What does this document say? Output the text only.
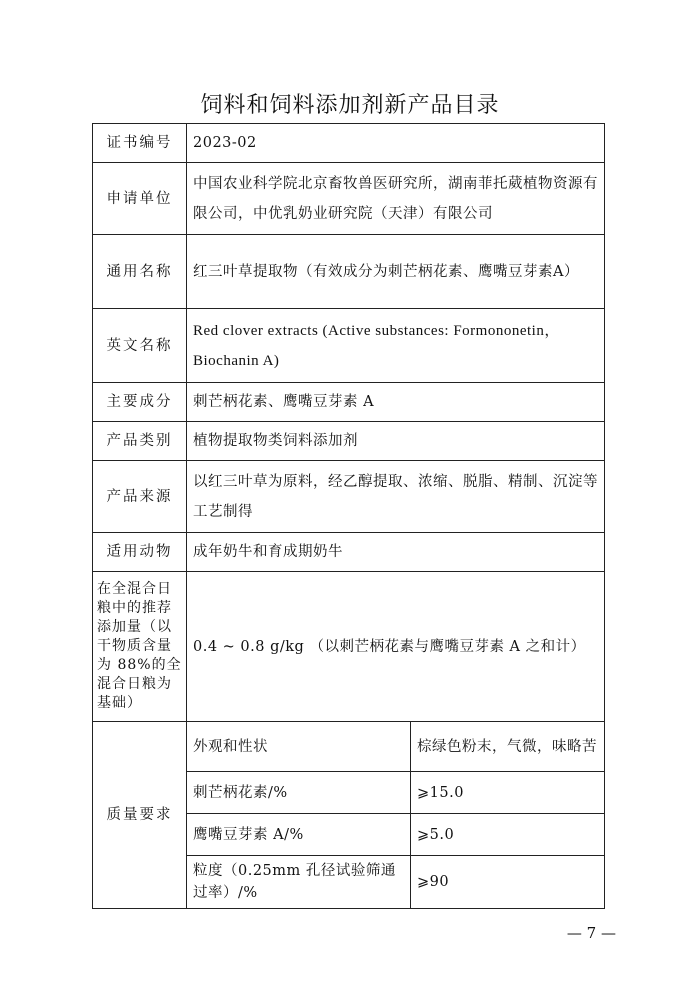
饲料和饲料添加剂新产品目录
证书编号	2023-02	
申请单位	中国农业科学院北京畜牧兽医研究所，湖南菲托葳植物资源有限公司，中优乳奶业研究院（天津）有限公司	
通用名称	红三叶草提取物（有效成分为刺芒柄花素、鹰嘴豆芽素A）	
英文名称	Red clover extracts (Active substances: Formononetin，Biochanin A)	
主要成分	刺芒柄花素、鹰嘴豆芽素 A	
产品类别	植物提取物类饲料添加剂	
产品来源	以红三叶草为原料，经乙醇提取、浓缩、脱脂、精制、沉淀等工艺制得	
适用动物	成年奶牛和育成期奶牛	
在全混合日粮中的推荐添加量（以干物质含量为 88%的全混合日粮为基础）	0.4 ~ 0.8 g/kg （以刺芒柄花素与鹰嘴豆芽素 A 之和计）	
质量要求	外观和性状	棕绿色粉末，气微，味略苦
	刺芒柄花素/%	⩾15.0
	鹰嘴豆芽素 A/%	⩾5.0
	粒度（0.25mm 孔径试验筛通过率）/%	⩾90
— 7 —
